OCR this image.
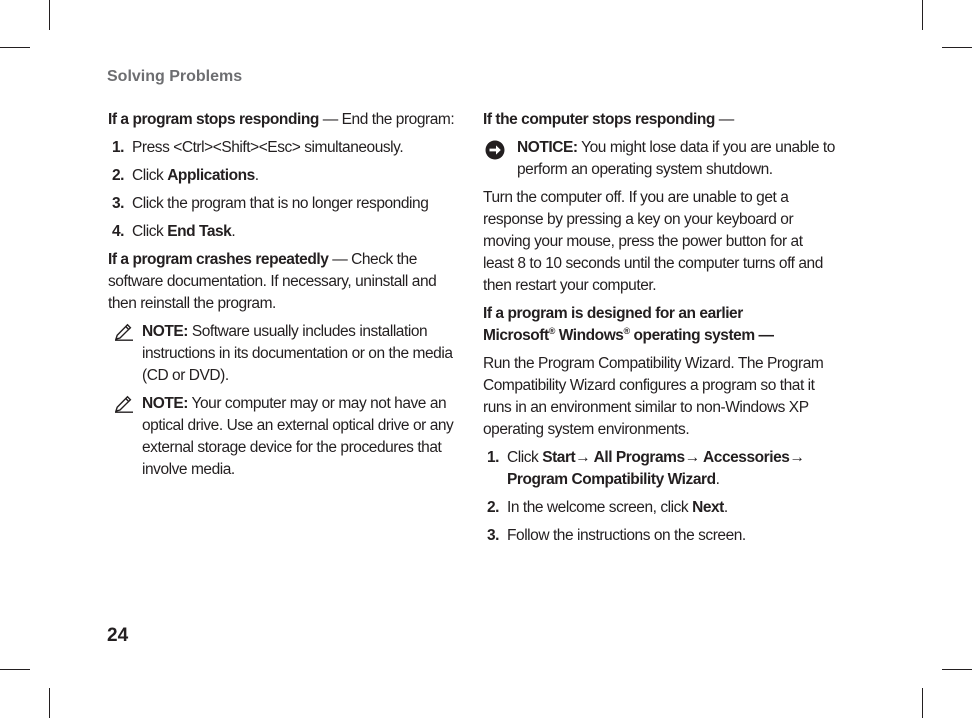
Solving Problems

If a program stops responding — End the program:

1. Press <Ctrl><Shift><Esc> simultaneously.
2. Click Applications.
3. Click the program that is no longer responding
4. Click End Task.

If a program crashes repeatedly — Check the software documentation. If necessary, uninstall and then reinstall the program.

NOTE: Software usually includes installation instructions in its documentation or on the media (CD or DVD).
NOTE: Your computer may or may not have an optical drive. Use an external optical drive or any external storage device for the procedures that involve media.

If the computer stops responding —

NOTICE: You might lose data if you are unable to perform an operating system shutdown.

Turn the computer off. If you are unable to get a response by pressing a key on your keyboard or moving your mouse, press the power button for at least 8 to 10 seconds until the computer turns off and then restart your computer.

If a program is designed for an earlier
Microsoft® Windows® operating system —

Run the Program Compatibility Wizard. The Program Compatibility Wizard configures a program so that it runs in an environment similar to non-Windows XP operating system environments.

1. Click Start→ All Programs→ Accessories→ Program Compatibility Wizard.
2. In the welcome screen, click Next.
3. Follow the instructions on the screen.
24
